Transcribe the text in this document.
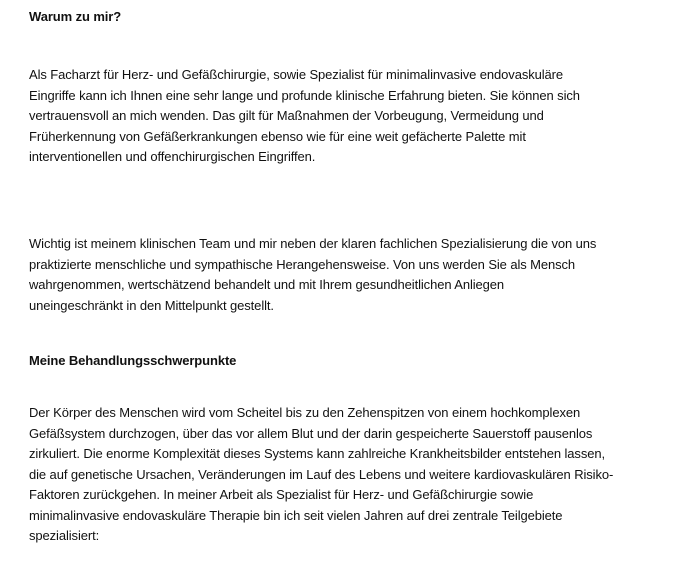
Warum zu mir?

Als Facharzt für Herz- und Gefäßchirurgie, sowie Spezialist für minimalinvasive endovaskuläre
Eingriffe kann ich Ihnen eine sehr lange und profunde klinische Erfahrung bieten. Sie können sich
vertrauensvoll an mich wenden. Das gilt für Maßnahmen der Vorbeugung, Vermeidung und
Früherkennung von Gefäßerkrankungen ebenso wie für eine weit gefächerte Palette mit
interventionellen und offenchirurgischen Eingriffen.

Wichtig ist meinem klinischen Team und mir neben der klaren fachlichen Spezialisierung die von uns
praktizierte menschliche und sympathische Herangehensweise. Von uns werden Sie als Mensch
wahrgenommen, wertschätzend behandelt und mit Ihrem gesundheitlichen Anliegen
uneingeschränkt in den Mittelpunkt gestellt.

Meine Behandlungsschwerpunkte

Der Körper des Menschen wird vom Scheitel bis zu den Zehenspitzen von einem hochkomplexen
Gefäßsystem durchzogen, über das vor allem Blut und der darin gespeicherte Sauerstoff pausenlos
zirkuliert. Die enorme Komplexität dieses Systems kann zahlreiche Krankheitsbilder entstehen lassen,
die auf genetische Ursachen, Veränderungen im Lauf des Lebens und weitere kardiovaskulären Risiko-
Faktoren zurückgehen. In meiner Arbeit als Spezialist für Herz- und Gefäßchirurgie sowie
minimalinvasive endovaskuläre Therapie bin ich seit vielen Jahren auf drei zentrale Teilgebiete
spezialisiert:
